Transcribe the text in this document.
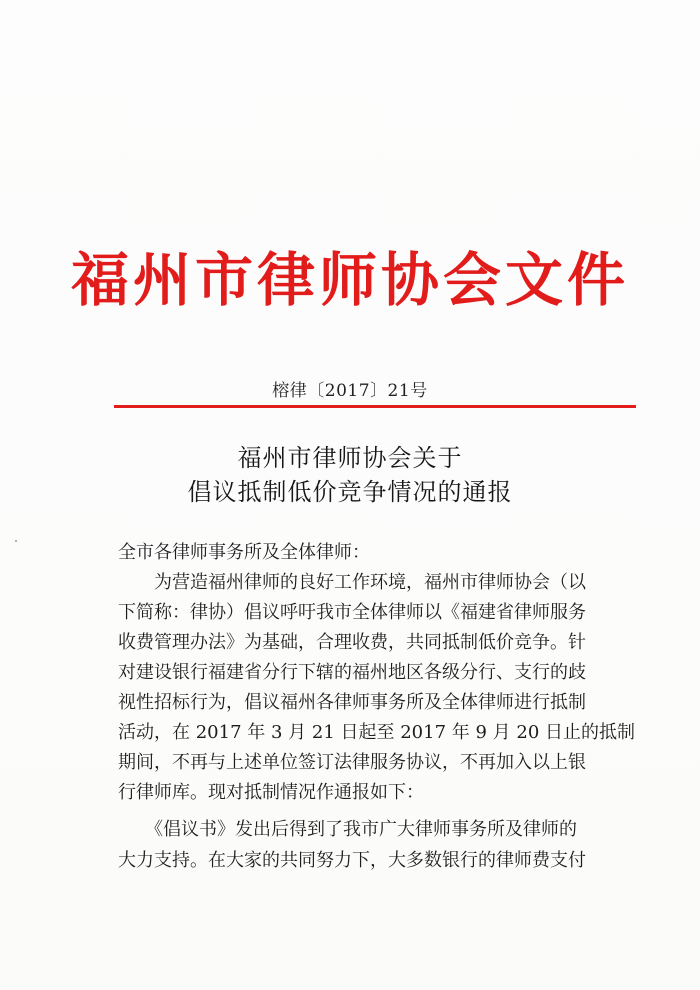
福州市律师协会文件
榕律〔2017〕21号
福州市律师协会关于
倡议抵制低价竞争情况的通报
全市各律师事务所及全体律师：
　　为营造福州律师的良好工作环境，福州市律师协会（以
下简称：律协）倡议呼吁我市全体律师以《福建省律师服务
收费管理办法》为基础，合理收费，共同抵制低价竞争。针
对建设银行福建省分行下辖的福州地区各级分行、支行的歧
视性招标行为，倡议福州各律师事务所及全体律师进行抵制
活动，在 2017 年 3 月 21 日起至 2017 年 9 月 20 日止的抵制
期间，不再与上述单位签订法律服务协议，不再加入以上银
行律师库。现对抵制情况作通报如下：
　　《倡议书》发出后得到了我市广大律师事务所及律师的
大力支持。在大家的共同努力下，大多数银行的律师费支付
